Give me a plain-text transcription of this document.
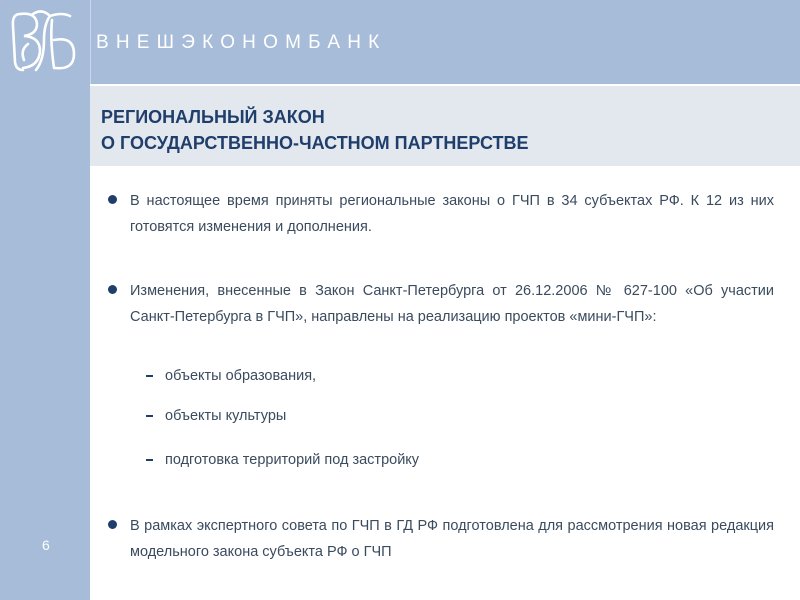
ВНЕШЭКОНОМБАНК
РЕГИОНАЛЬНЫЙ ЗАКОН
О ГОСУДАРСТВЕННО-ЧАСТНОМ ПАРТНЕРСТВЕ
6
В настоящее время приняты региональные законы о ГЧП в 34 субъектах РФ. К 12 из них готовятся изменения и дополнения.
Изменения, внесенные в Закон Санкт-Петербурга от 26.12.2006 № 627-100 «Об участии Санкт-Петербурга в ГЧП», направлены на реализацию проектов «мини-ГЧП»:
объекты образования,
объекты культуры
подготовка территорий под застройку
В рамках экспертного совета по ГЧП в ГД РФ подготовлена для рассмотрения новая редакция модельного закона субъекта РФ о ГЧП
